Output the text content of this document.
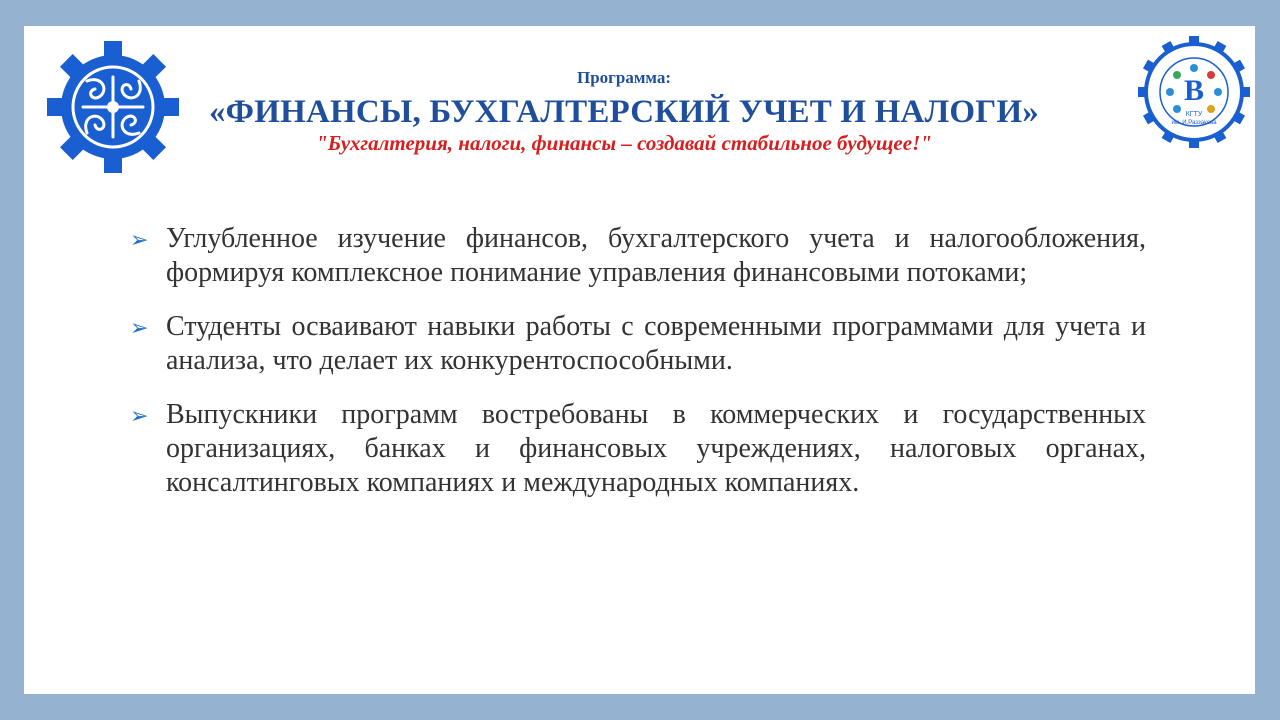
В
КГТУ
им. И.Раззакова
Программа:
«ФИНАНСЫ, БУХГАЛТЕРСКИЙ УЧЕТ И НАЛОГИ»
"Бухгалтерия, налоги, финансы – создавай стабильное будущее!"
➢ Углубленное изучение финансов, бухгалтерского учета и налогообложения, формируя комплексное понимание управления финансовыми потоками;
➢ Студенты осваивают навыки работы с современными программами для учета и анализа, что делает их конкурентоспособными.
➢ Выпускники программ востребованы в коммерческих и государственных организациях, банках и финансовых учреждениях, налоговых органах, консалтинговых компаниях и международных компаниях.
